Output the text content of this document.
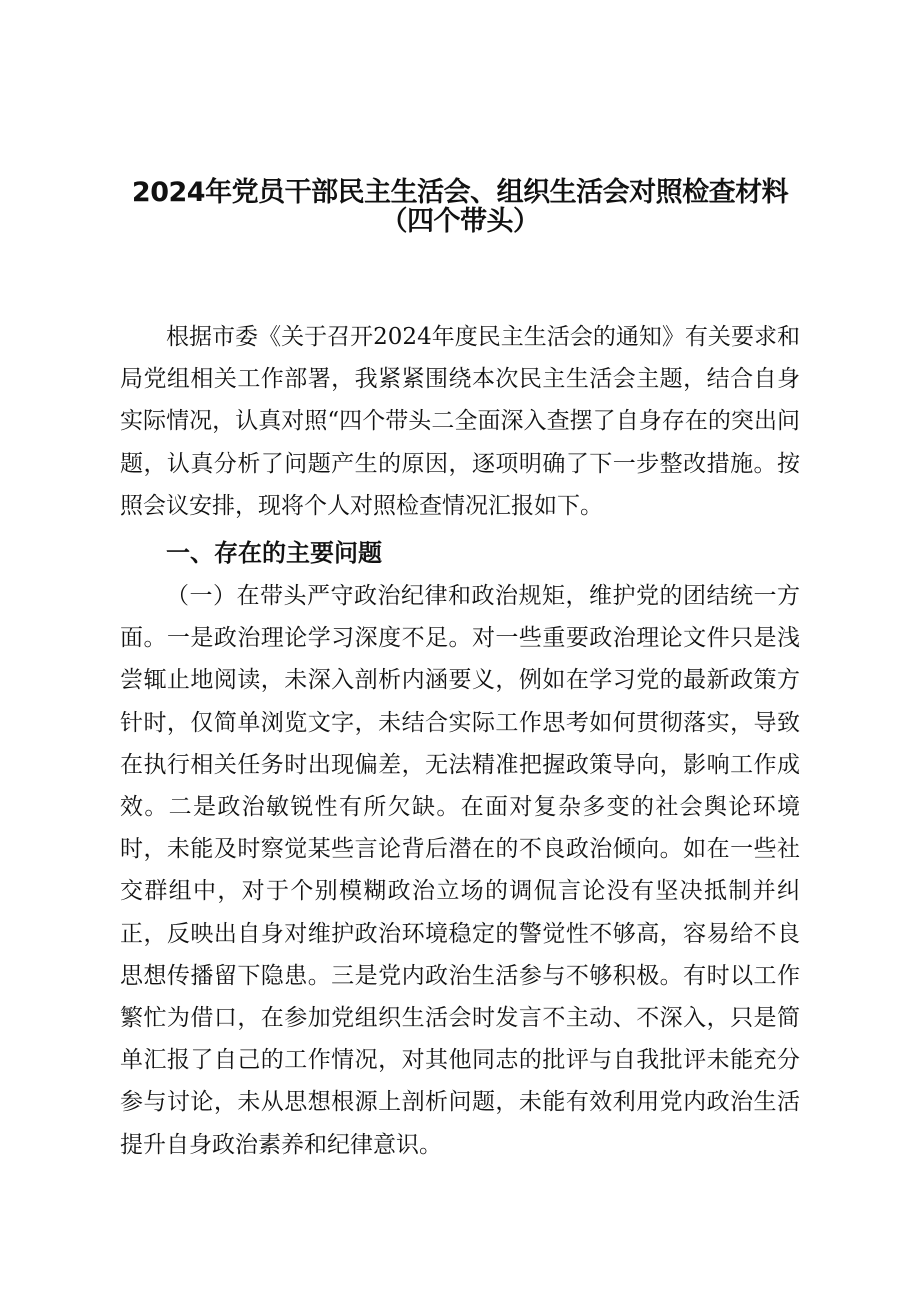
2024年党员干部民主生活会、组织生活会对照检查材料
（四个带头）

根据市委《关于召开2024年度民主生活会的通知》有关要求和局党组相关工作部署，我紧紧围绕本次民主生活会主题，结合自身实际情况，认真对照“四个带头二全面深入查摆了自身存在的突出问题，认真分析了问题产生的原因，逐项明确了下一步整改措施。按照会议安排，现将个人对照检查情况汇报如下。

一、存在的主要问题

（一）在带头严守政治纪律和政治规矩，维护党的团结统一方面。一是政治理论学习深度不足。对一些重要政治理论文件只是浅尝辄止地阅读，未深入剖析内涵要义，例如在学习党的最新政策方针时，仅简单浏览文字，未结合实际工作思考如何贯彻落实，导致在执行相关任务时出现偏差，无法精准把握政策导向，影响工作成效。二是政治敏锐性有所欠缺。在面对复杂多变的社会舆论环境时，未能及时察觉某些言论背后潜在的不良政治倾向。如在一些社交群组中，对于个别模糊政治立场的调侃言论没有坚决抵制并纠正，反映出自身对维护政治环境稳定的警觉性不够高，容易给不良思想传播留下隐患。三是党内政治生活参与不够积极。有时以工作繁忙为借口，在参加党组织生活会时发言不主动、不深入，只是简单汇报了自己的工作情况，对其他同志的批评与自我批评未能充分参与讨论，未从思想根源上剖析问题，未能有效利用党内政治生活提升自身政治素养和纪律意识。
